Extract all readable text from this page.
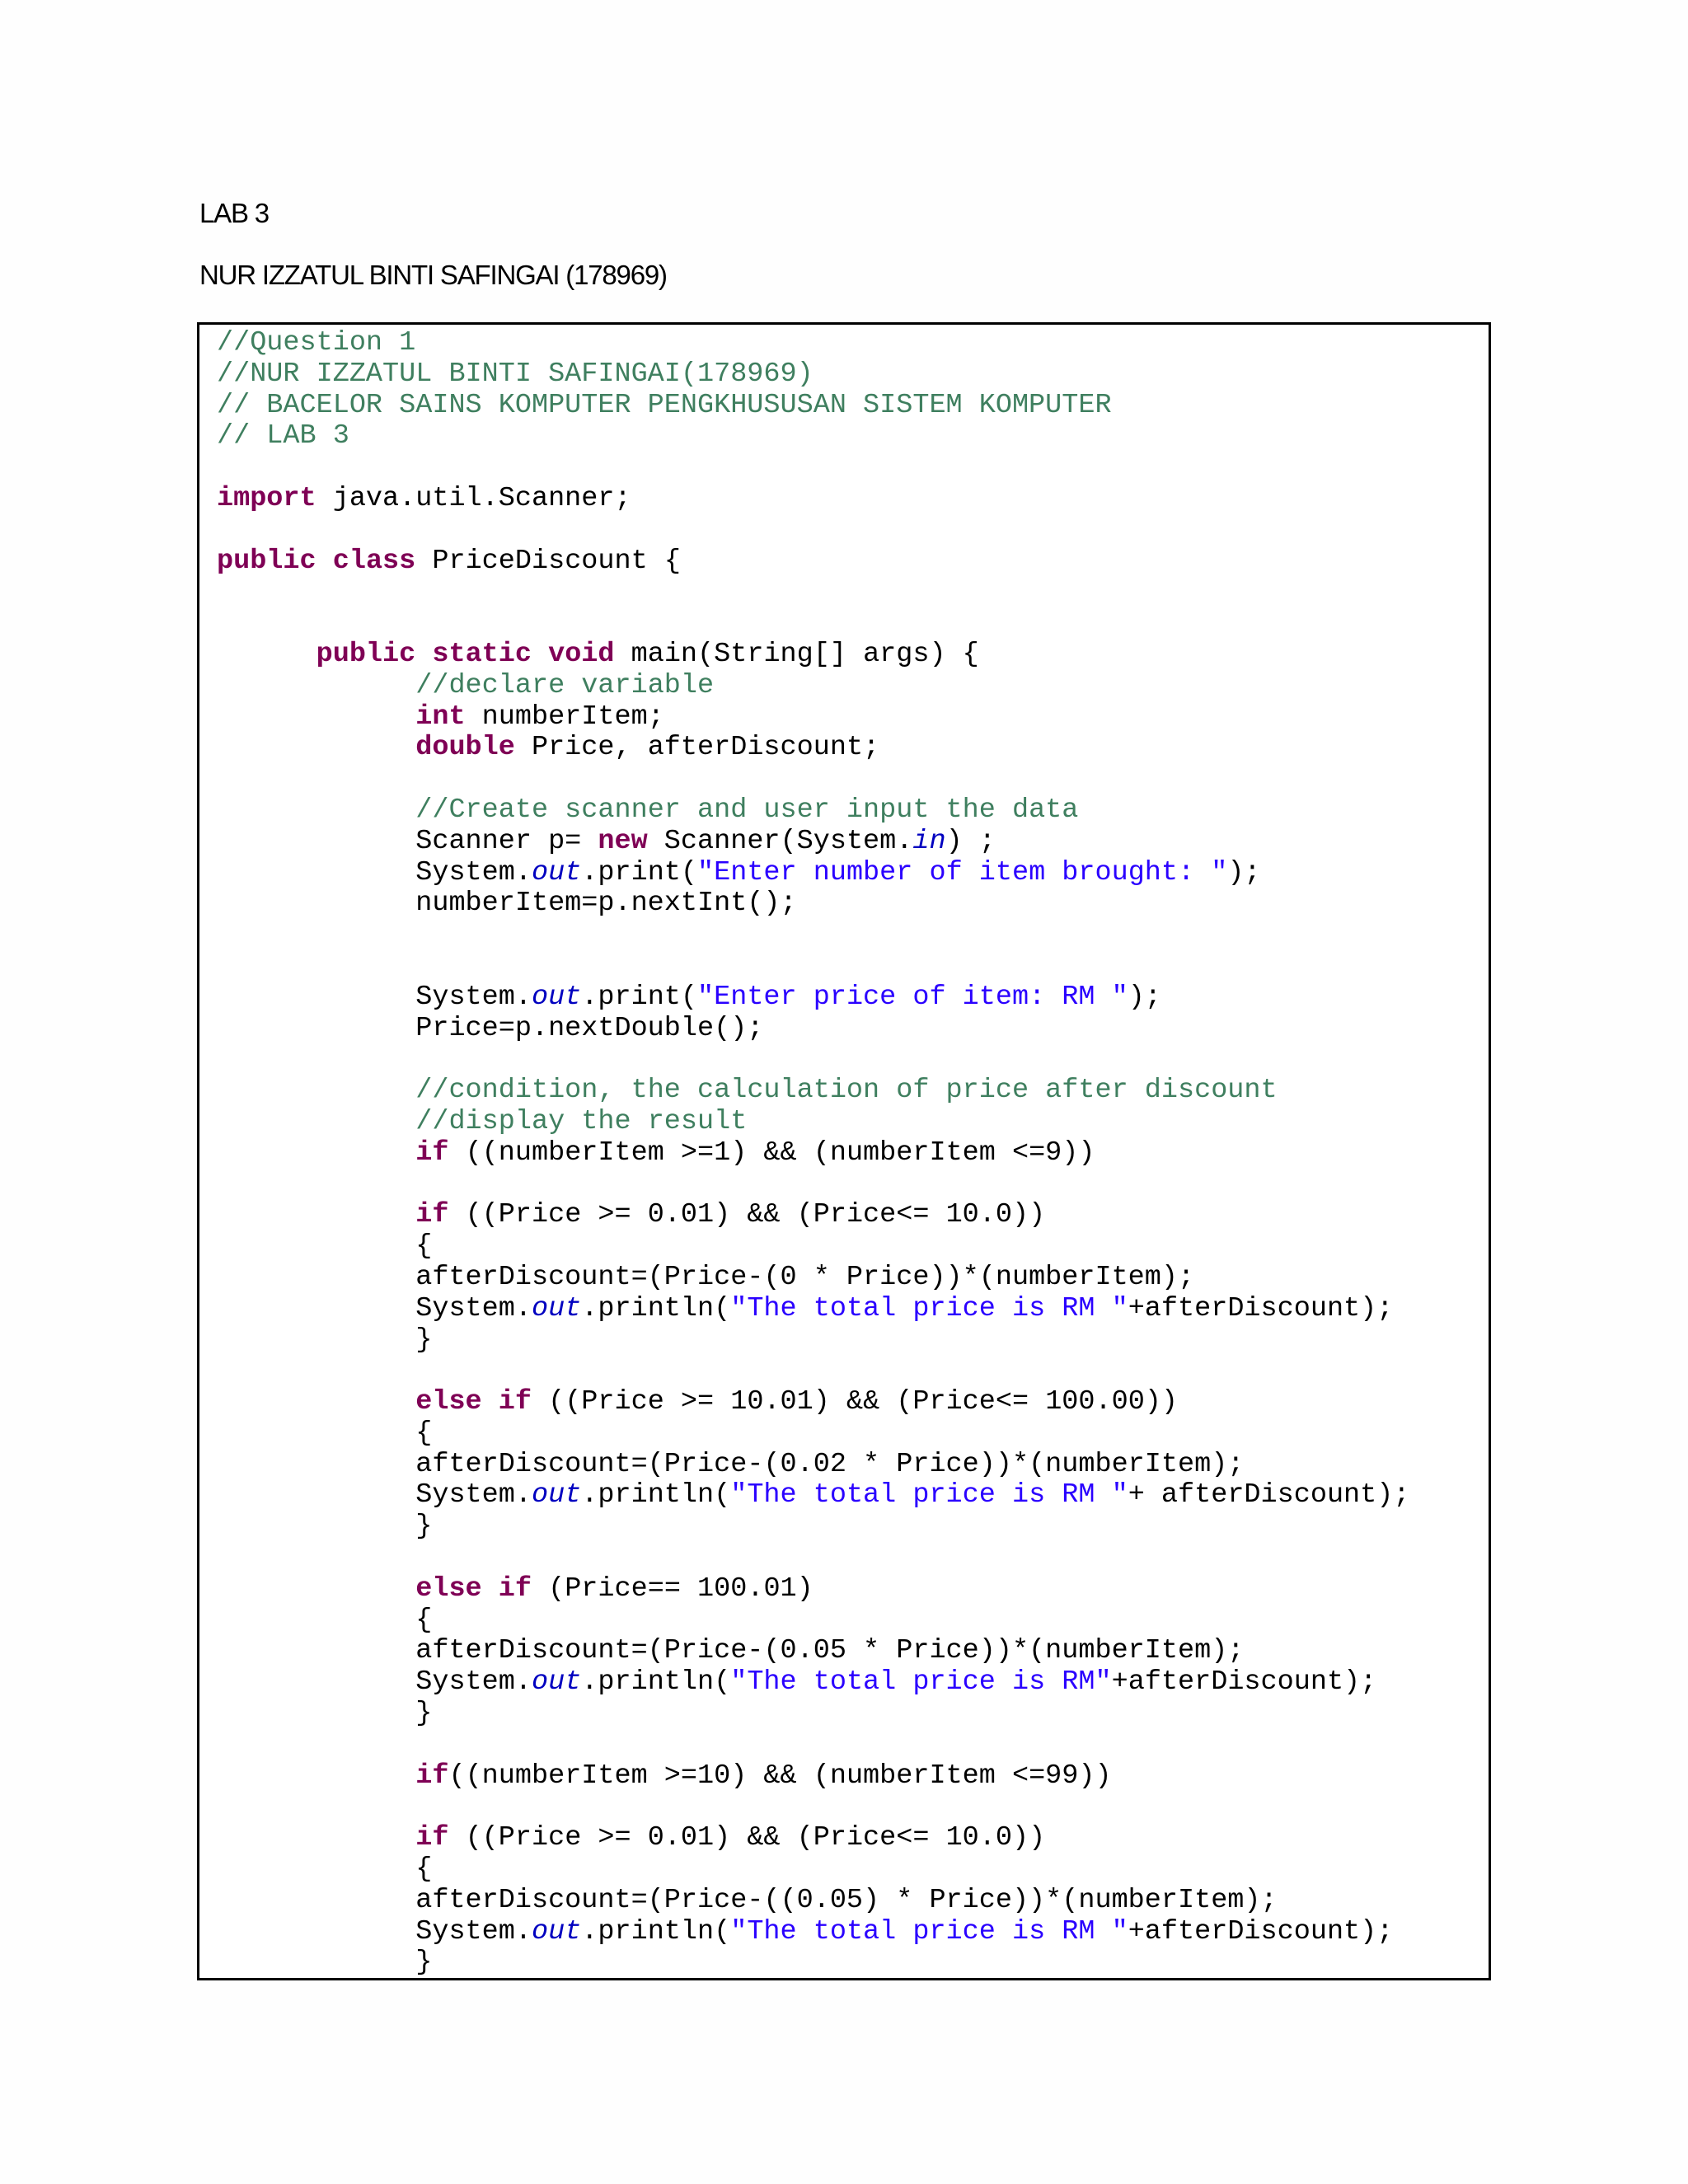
LAB 3
NUR IZZATUL BINTI SAFINGAI (178969)
//Question 1
//NUR IZZATUL BINTI SAFINGAI(178969)
// BACELOR SAINS KOMPUTER PENGKHUSUSAN SISTEM KOMPUTER
// LAB 3
import java.util.Scanner;
public class PriceDiscount {
public static void main(String[] args) {
//declare variable
int numberItem;
double Price, afterDiscount;
//Create scanner and user input the data
Scanner p= new Scanner(System.in) ;
System.out.print("Enter number of item brought: ");
numberItem=p.nextInt();
System.out.print("Enter price of item: RM ");
Price=p.nextDouble();
//condition, the calculation of price after discount
//display the result
if ((numberItem >=1) && (numberItem <=9))
if ((Price >= 0.01) && (Price<= 10.0))
{
afterDiscount=(Price-(0 * Price))*(numberItem);
System.out.println("The total price is RM "+afterDiscount);
}
else if ((Price >= 10.01) && (Price<= 100.00))
{
afterDiscount=(Price-(0.02 * Price))*(numberItem);
System.out.println("The total price is RM "+ afterDiscount);
}
else if (Price== 100.01)
{
afterDiscount=(Price-(0.05 * Price))*(numberItem);
System.out.println("The total price is RM"+afterDiscount);
}
if((numberItem >=10) && (numberItem <=99))
if ((Price >= 0.01) && (Price<= 10.0))
{
afterDiscount=(Price-((0.05) * Price))*(numberItem);
System.out.println("The total price is RM "+afterDiscount);
}
